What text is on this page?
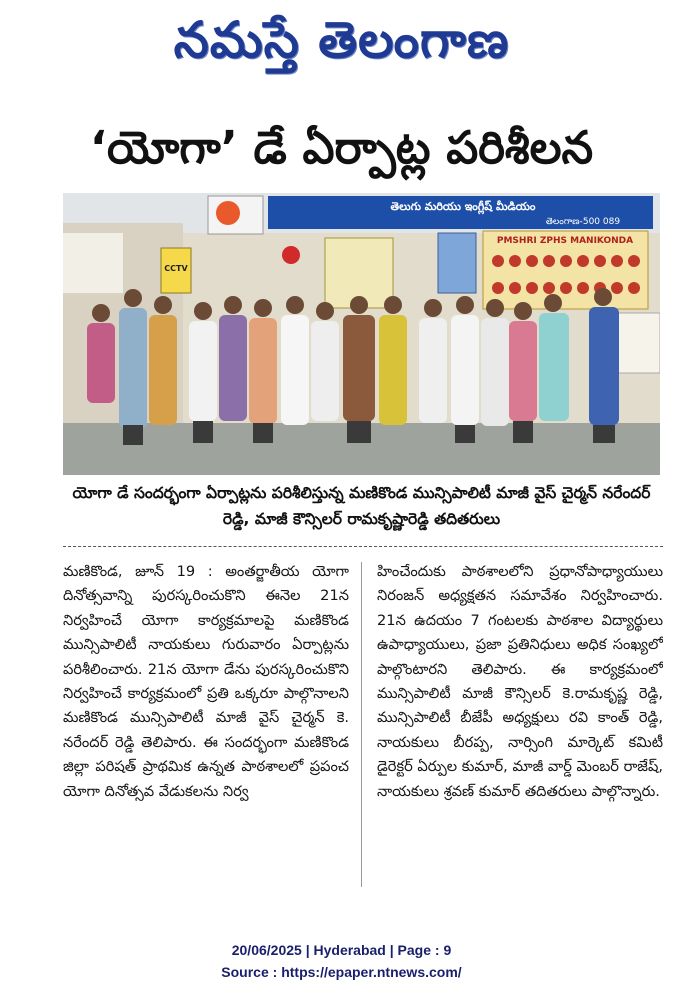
నమస్తే తెలంగాణ
‘యోగా’ డే ఏర్పాట్ల పరిశీలన
తెలుగు మరియు ఇంగ్లీష్ మీడియం
తెలంగాణ-500 089
CCTV
PMSHRI ZPHS MANIKONDA
యోగా డే సందర్భంగా ఏర్పాట్లను పరిశీలిస్తున్న మణికొండ మున్సిపాలిటీ మాజీ వైస్ చైర్మన్ నరేందర్ రెడ్డి, మాజీ కౌన్సిలర్ రామకృష్ణారెడ్డి తదితరులు
మణికొండ, జూన్ 19 : అంతర్జాతీయ యోగా దినోత్సవాన్ని పురస్కరించుకొని ఈనెల 21న నిర్వహించే యోగా కార్యక్రమాలపై మణికొండ మున్సిపాలిటీ నాయకులు గురువారం ఏర్పాట్లను పరిశీలించారు. 21న యోగా డేను పురస్కరించుకొని నిర్వహించే కార్యక్రమంలో ప్రతి ఒక్కరూ పాల్గొనాలని మణికొండ మున్సిపాలిటీ మాజీ వైస్ చైర్మన్ కె. నరేందర్ రెడ్డి తెలిపారు. ఈ సందర్భంగా మణికొండ జిల్లా పరిషత్ ప్రాథమిక ఉన్నత పాఠశాలలో ప్రపంచ యోగా దినోత్సవ వేడుకలను నిర్వ
హించేందుకు పాఠశాలలోని ప్రధానోపాధ్యాయులు నిరంజన్ అధ్యక్షతన సమావేశం నిర్వహించారు. 21న ఉదయం 7 గంటలకు పాఠశాల విద్యార్థులు ఉపాధ్యాయులు, ప్రజా ప్రతినిధులు అధిక సంఖ్యలో పాల్గొంటారని తెలిపారు. ఈ కార్యక్రమంలో మున్సిపాలిటీ మాజీ కౌన్సిలర్ కె.రామకృష్ణ రెడ్డి, మున్సిపాలిటీ బీజేపీ అధ్యక్షులు రవి కాంత్ రెడ్డి, నాయకులు బీరప్ప, నార్సింగి మార్కెట్ కమిటీ డైరెక్టర్ ఏర్పుల కుమార్, మాజీ వార్డ్ మెంబర్ రాజేష్, నాయకులు శ్రవణ్ కుమార్ తదితరులు పాల్గొన్నారు.
20/06/2025 | Hyderabad | Page : 9
Source : https://epaper.ntnews.com/
